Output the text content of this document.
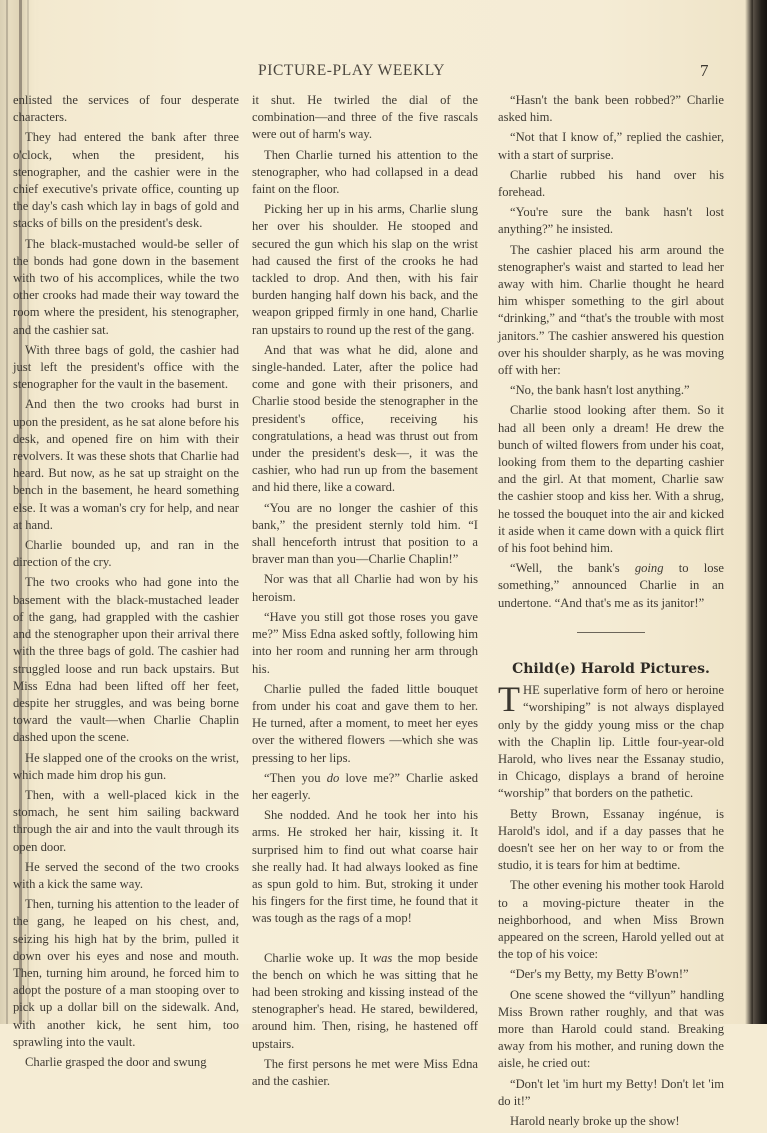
PICTURE-PLAY WEEKLY	7

enlisted the services of four desperate characters.

They had entered the bank after three o'clock, when the president, his stenographer, and the cashier were in the chief executive's private office, counting up the day's cash which lay in bags of gold and stacks of bills on the president's desk.

The black-mustached would-be seller of the bonds had gone down in the basement with two of his accomplices, while the two other crooks had made their way toward the room where the president, his stenographer, and the cashier sat.

With three bags of gold, the cashier had just left the president's office with the stenographer for the vault in the basement.

And then the two crooks had burst in upon the president, as he sat alone before his desk, and opened fire on him with their revolvers. It was these shots that Charlie had heard. But now, as he sat up straight on the bench in the basement, he heard something else. It was a woman's cry for help, and near at hand.

Charlie bounded up, and ran in the direction of the cry.

The two crooks who had gone into the basement with the black-mustached leader of the gang, had grappled with the cashier and the stenographer upon their arrival there with the three bags of gold. The cashier had struggled loose and run back upstairs. But Miss Edna had been lifted off her feet, despite her struggles, and was being borne toward the vault—when Charlie Chaplin dashed upon the scene.

He slapped one of the crooks on the wrist, which made him drop his gun.

Then, with a well-placed kick in the stomach, he sent him sailing backward through the air and into the vault through its open door.

He served the second of the two crooks with a kick the same way.

Then, turning his attention to the leader of the gang, he leaped on his chest, and, seizing his high hat by the brim, pulled it down over his eyes and nose and mouth. Then, turning him around, he forced him to adopt the posture of a man stooping over to pick up a dollar bill on the sidewalk. And, with another kick, he sent him, too sprawling into the vault.

Charlie grasped the door and swung

it shut. He twirled the dial of the combination—and three of the five rascals were out of harm's way.

Then Charlie turned his attention to the stenographer, who had collapsed in a dead faint on the floor.

Picking her up in his arms, Charlie slung her over his shoulder. He stooped and secured the gun which his slap on the wrist had caused the first of the crooks he had tackled to drop. And then, with his fair burden hanging half down his back, and the weapon gripped firmly in one hand, Charlie ran upstairs to round up the rest of the gang.

And that was what he did, alone and single-handed. Later, after the police had come and gone with their prisoners, and Charlie stood beside the stenographer in the president's office, receiving his congratulations, a head was thrust out from under the president's desk—, it was the cashier, who had run up from the basement and hid there, like a coward.

“You are no longer the cashier of this bank,” the president sternly told him. “I shall henceforth intrust that position to a braver man than you—Charlie Chaplin!”

Nor was that all Charlie had won by his heroism.

“Have you still got those roses you gave me?” Miss Edna asked softly, following him into her room and running her arm through his.

Charlie pulled the faded little bouquet from under his coat and gave them to her. He turned, after a moment, to meet her eyes over the withered flowers —which she was pressing to her lips.

“Then you do love me?” Charlie asked her eagerly.

She nodded. And he took her into his arms. He stroked her hair, kissing it. It surprised him to find out what coarse hair she really had. It had always looked as fine as spun gold to him. But, stroking it under his fingers for the first time, he found that it was tough as the rags of a mop!

Charlie woke up. It was the mop beside the bench on which he was sitting that he had been stroking and kissing instead of the stenographer's head. He stared, bewildered, around him. Then, rising, he hastened off upstairs.

The first persons he met were Miss Edna and the cashier.

“Hasn't the bank been robbed?” Charlie asked him.

“Not that I know of,” replied the cashier, with a start of surprise.

Charlie rubbed his hand over his forehead.

“You're sure the bank hasn't lost anything?” he insisted.

The cashier placed his arm around the stenographer's waist and started to lead her away with him. Charlie thought he heard him whisper something to the girl about “drinking,” and “that's the trouble with most janitors.” The cashier answered his question over his shoulder sharply, as he was moving off with her:

“No, the bank hasn't lost anything.”

Charlie stood looking after them. So it had all been only a dream! He drew the bunch of wilted flowers from under his coat, looking from them to the departing cashier and the girl. At that moment, Charlie saw the cashier stoop and kiss her. With a shrug, he tossed the bouquet into the air and kicked it aside when it came down with a quick flirt of his foot behind him.

“Well, the bank's going to lose something,” announced Charlie in an undertone. “And that's me as its janitor!”

Child(e) Harold Pictures.

THE superlative form of hero or heroine “worshiping” is not always displayed only by the giddy young miss or the chap with the Chaplin lip. Little four-year-old Harold, who lives near the Essanay studio, in Chicago, displays a brand of heroine “worship” that borders on the pathetic.

Betty Brown, Essanay ingénue, is Harold's idol, and if a day passes that he doesn't see her on her way to or from the studio, it is tears for him at bedtime.

The other evening his mother took Harold to a moving-picture theater in the neighborhood, and when Miss Brown appeared on the screen, Harold yelled out at the top of his voice:

“Der's my Betty, my Betty B'own!”

One scene showed the “villyun” handling Miss Brown rather roughly, and that was more than Harold could stand. Breaking away from his mother, and runing down the aisle, he cried out:

“Don't let 'im hurt my Betty! Don't let 'im do it!”

Harold nearly broke up the show!
